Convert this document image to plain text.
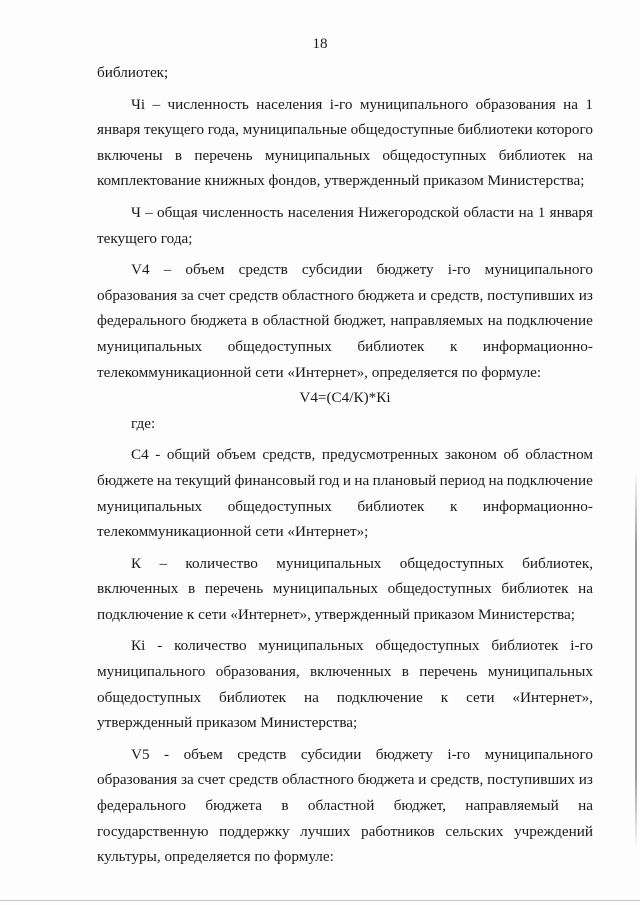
18
библиотек;
Чi – численность населения i-го муниципального образования на 1
января текущего года, муниципальные общедоступные библиотеки которого
включены в перечень муниципальных общедоступных библиотек на
комплектование книжных фондов, утвержденный приказом Министерства;
Ч – общая численность населения Нижегородской области на 1 января
текущего года;
V4 – объем средств субсидии бюджету i-го муниципального
образования за счет средств областного бюджета и средств, поступивших из
федерального бюджета в областной бюджет, направляемых на подключение
муниципальных общедоступных библиотек к информационно-
телекоммуникационной сети «Интернет», определяется по формуле:
V4=(С4/К)*Кi
где:
С4 - общий объем средств, предусмотренных законом об областном
бюджете на текущий финансовый год и на плановый период на подключение
муниципальных общедоступных библиотек к информационно-
телекоммуникационной сети «Интернет»;
К – количество муниципальных общедоступных библиотек,
включенных в перечень муниципальных общедоступных библиотек на
подключение к сети «Интернет», утвержденный приказом Министерства;
Кi - количество муниципальных общедоступных библиотек i-го
муниципального образования, включенных в перечень муниципальных
общедоступных библиотек на подключение к сети «Интернет»,
утвержденный приказом Министерства;
V5 - объем средств субсидии бюджету i-го муниципального
образования за счет средств областного бюджета и средств, поступивших из
федерального бюджета в областной бюджет, направляемый на
государственную поддержку лучших работников сельских учреждений
культуры, определяется по формуле:
